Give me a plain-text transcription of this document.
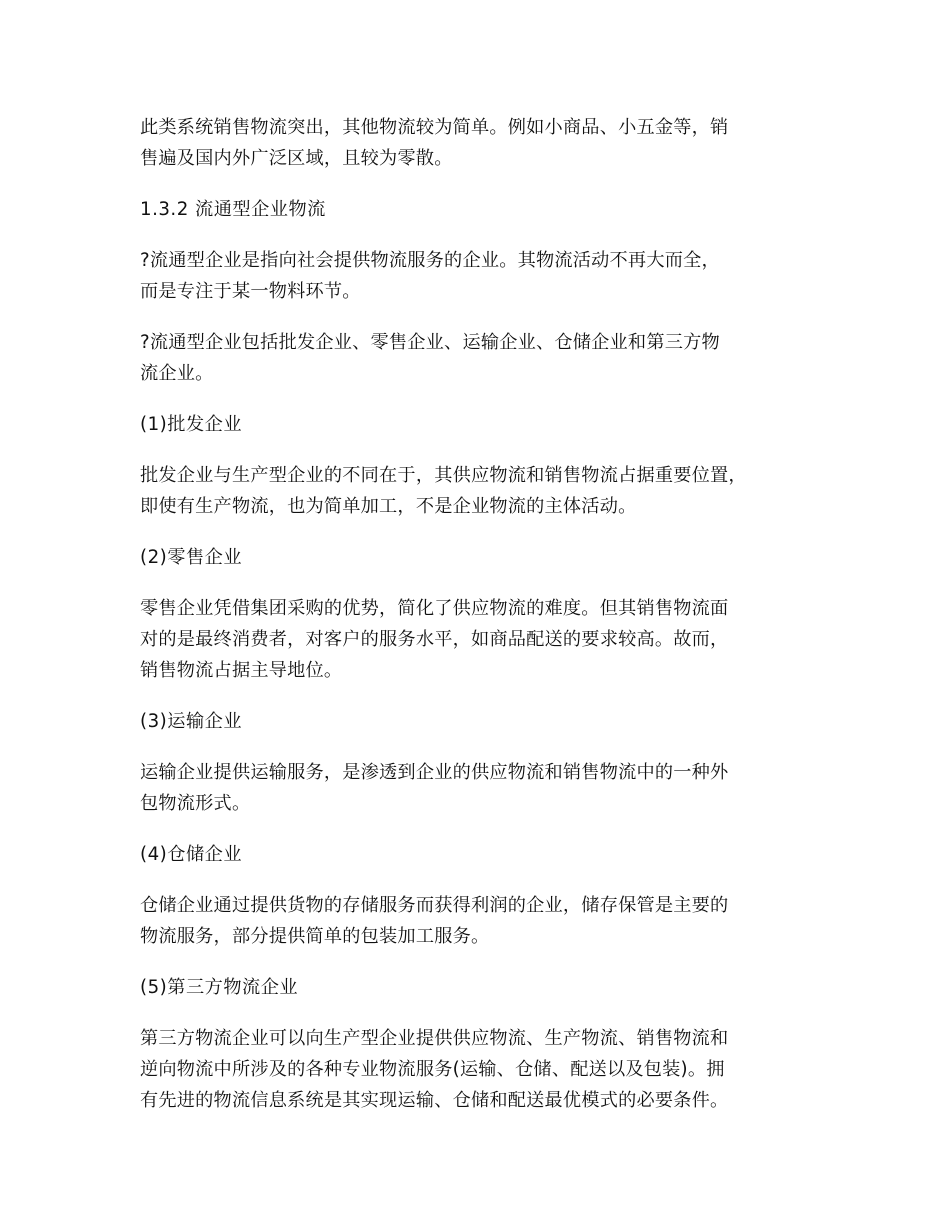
此类系统销售物流突出，其他物流较为简单。例如小商品、小五金等，销
售遍及国内外广泛区域，且较为零散。

1.3.2 流通型企业物流

?流通型企业是指向社会提供物流服务的企业。其物流活动不再大而全，
而是专注于某一物料环节。

?流通型企业包括批发企业、零售企业、运输企业、仓储企业和第三方物
流企业。

(1)批发企业

批发企业与生产型企业的不同在于，其供应物流和销售物流占据重要位置，
即使有生产物流，也为简单加工，不是企业物流的主体活动。

(2)零售企业

零售企业凭借集团采购的优势，简化了供应物流的难度。但其销售物流面
对的是最终消费者，对客户的服务水平，如商品配送的要求较高。故而，
销售物流占据主导地位。

(3)运输企业

运输企业提供运输服务，是渗透到企业的供应物流和销售物流中的一种外
包物流形式。

(4)仓储企业

仓储企业通过提供货物的存储服务而获得利润的企业，储存保管是主要的
物流服务，部分提供简单的包装加工服务。

(5)第三方物流企业

第三方物流企业可以向生产型企业提供供应物流、生产物流、销售物流和
逆向物流中所涉及的各种专业物流服务(运输、仓储、配送以及包装)。拥
有先进的物流信息系统是其实现运输、仓储和配送最优模式的必要条件。
